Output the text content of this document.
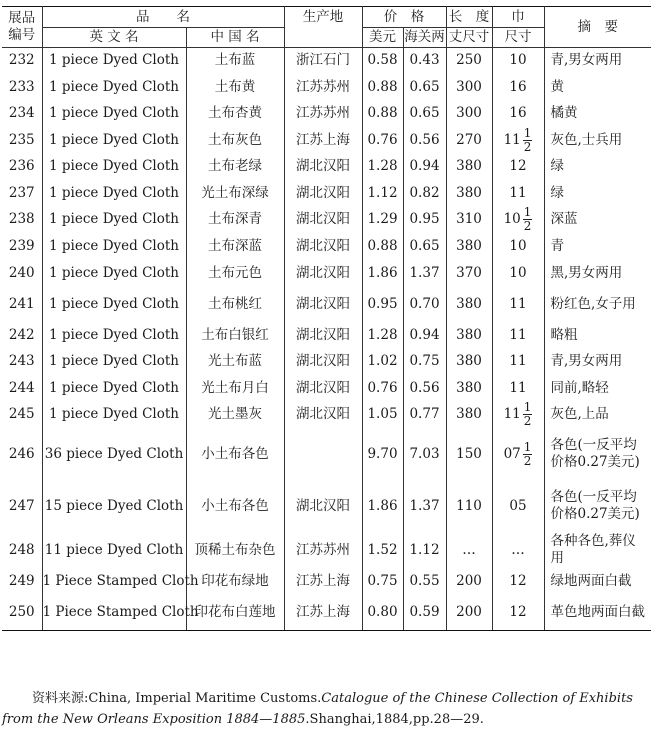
展品
编号	品　　名		生产地	价　格		长　度	巾	摘　要
	英 文 名	中 国 名		美元	海关两	丈尺寸	尺寸	
232	1 piece Dyed Cloth	土布蓝	浙江石门	0.58	0.43	250	10	青,男女两用
233	1 piece Dyed Cloth	土布黄	江苏苏州	0.88	0.65	300	16	黄
234	1 piece Dyed Cloth	土布杏黄	江苏苏州	0.88	0.65	300	16	橘黄
235	1 piece Dyed Cloth	土布灰色	江苏上海	0.76	0.56	270	$11 \frac{1}{2}$	灰色,士兵用
236	1 piece Dyed Cloth	土布老绿	湖北汉阳	1.28	0.94	380	12	绿
237	1 piece Dyed Cloth	光土布深绿	湖北汉阳	1.12	0.82	380	11	绿
238	1 piece Dyed Cloth	土布深青	湖北汉阳	1.29	0.95	310	$10 \frac{1}{2}$	深蓝
239	1 piece Dyed Cloth	土布深蓝	湖北汉阳	0.88	0.65	380	10	青
240	1 piece Dyed Cloth	土布元色	湖北汉阳	1.86	1.37	370	10	黑,男女两用
241	1 piece Dyed Cloth	土布桃红	湖北汉阳	0.95	0.70	380	11	粉红色,女子用
242	1 piece Dyed Cloth	土布白银红	湖北汉阳	1.28	0.94	380	11	略粗
243	1 piece Dyed Cloth	光土布蓝	湖北汉阳	1.02	0.75	380	11	青,男女两用
244	1 piece Dyed Cloth	光土布月白	湖北汉阳	0.76	0.56	380	11	同前,略轻
245	1 piece Dyed Cloth	光土墨灰	湖北汉阳	1.05	0.77	380	$11 \frac{1}{2}$	灰色,上品
246	36 piece Dyed Cloth	小土布各色		9.70	7.03	150	$07 \frac{1}{2}$	各色(一反平均价格0.27美元)
247	15 piece Dyed Cloth	小土布各色	湖北汉阳	1.86	1.37	110	05	各色(一反平均价格0.27美元)
248	11 piece Dyed Cloth	顶稀土布杂色	江苏苏州	1.52	1.12	…	…	各种各色,葬仪用
249	1 Piece Stamped Cloth	印花布绿地	江苏上海	0.75	0.55	200	12	绿地两面白截
250	1 Piece Stamped Cloth	印花布白莲地	江苏上海	0.80	0.59	200	12	革色地两面白截
资料来源:China, Imperial Maritime Customs.Catalogue of the Chinese Collection of Exhibits from the New Orleans Exposition 1884—1885.Shanghai,1884,pp.28—29.
